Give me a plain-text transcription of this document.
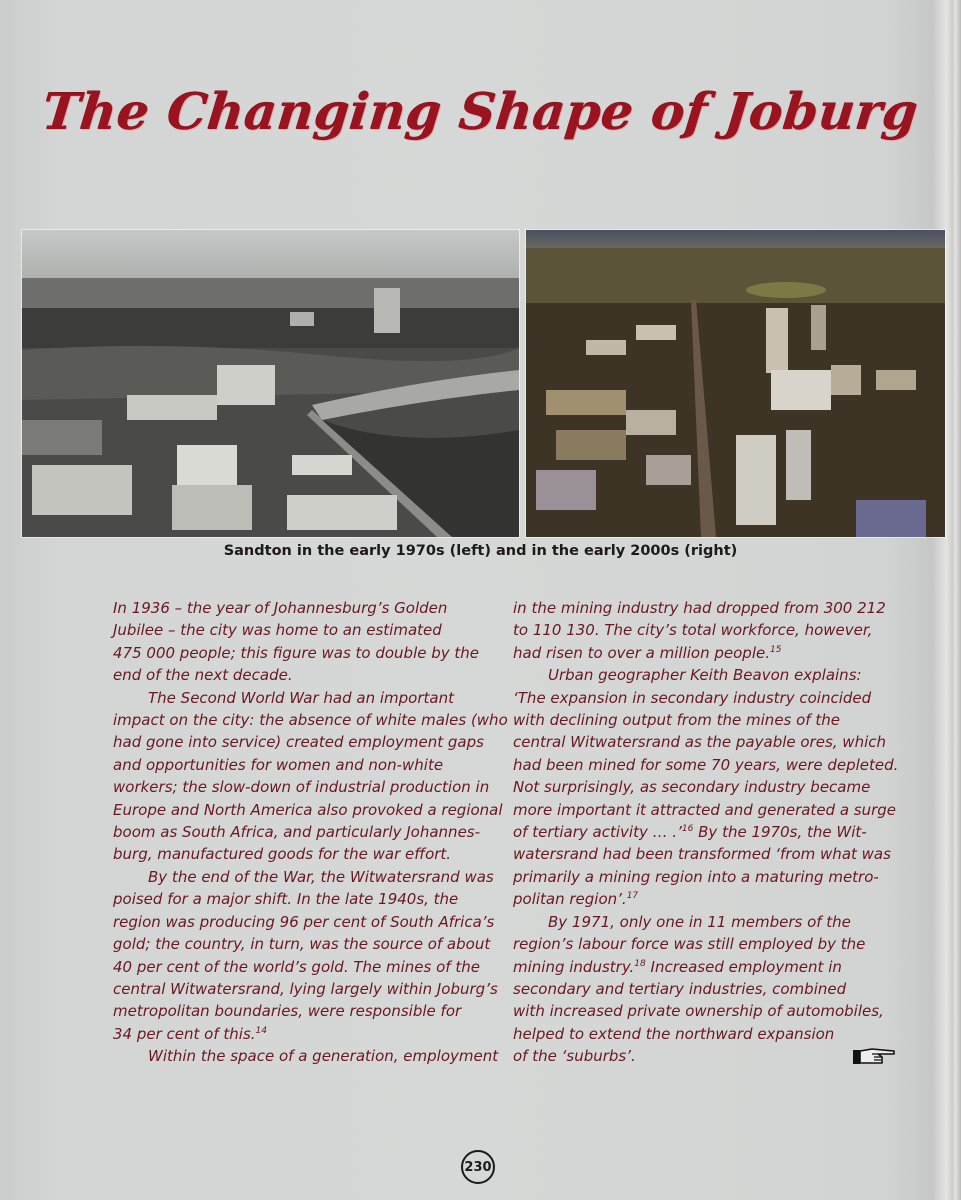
The Changing Shape of Joburg
Sandton in the early 1970s (left) and in the early 2000s (right)
In 1936 – the year of Johannesburg’s Golden
Jubilee – the city was home to an estimated
475 000 people; this figure was to double by the
end of the next decade.
The Second World War had an important
impact on the city: the absence of white males (who
had gone into service) created employment gaps
and opportunities for women and non-white
workers; the slow-down of industrial production in
Europe and North America also provoked a regional
boom as South Africa, and particularly Johannes-
burg, manufactured goods for the war effort.
By the end of the War, the Witwatersrand was
poised for a major shift. In the late 1940s, the
region was producing 96 per cent of South Africa’s
gold; the country, in turn, was the source of about
40 per cent of the world’s gold. The mines of the
central Witwatersrand, lying largely within Joburg’s
metropolitan boundaries, were responsible for
34 per cent of this.$^{14}$
Within the space of a generation, employment
in the mining industry had dropped from 300 212
to 110 130. The city’s total workforce, however,
had risen to over a million people.$^{15}$
Urban geographer Keith Beavon explains:
‘The expansion in secondary industry coincided
with declining output from the mines of the
central Witwatersrand as the payable ores, which
had been mined for some 70 years, were depleted.
Not surprisingly, as secondary industry became
more important it attracted and generated a surge
of tertiary activity … .’$^{16}$ By the 1970s, the Wit-
watersrand had been transformed ‘from what was
primarily a mining region into a maturing metro-
politan region’.$^{17}$
By 1971, only one in 11 members of the
region’s labour force was still employed by the
mining industry.$^{18}$ Increased employment in
secondary and tertiary industries, combined
with increased private ownership of automobiles,
helped to extend the northward expansion
of the ‘suburbs’.
230
